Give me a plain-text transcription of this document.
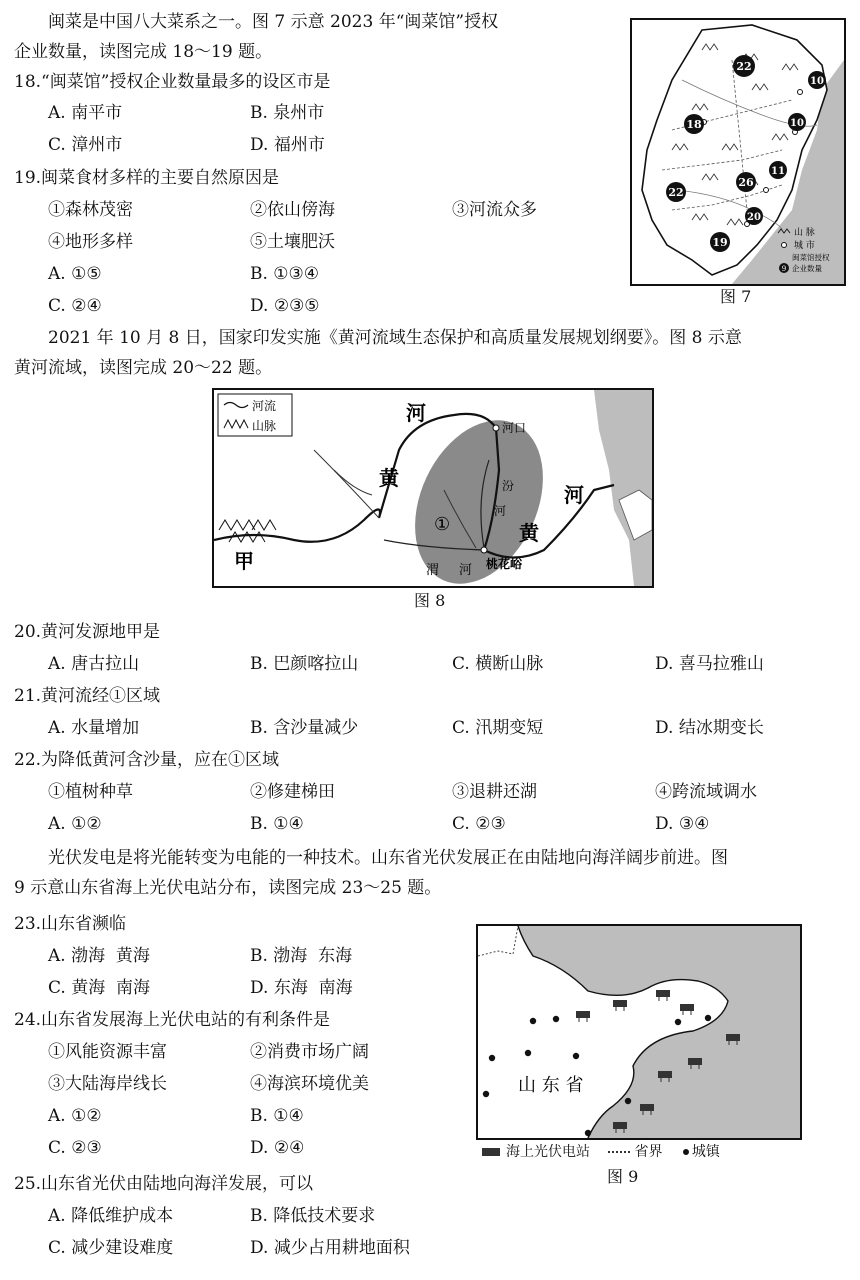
闽菜是中国八大菜系之一。图 7 示意 2023 年“闽菜馆”授权
企业数量，读图完成 18～19 题。
18.“闽菜馆”授权企业数量最多的设区市是
A. 南平市	B. 泉州市
C. 漳州市	D. 福州市
19.闽菜食材多样的主要自然原因是
①森林茂密	②依山傍海	③河流众多
④地形多样	⑤土壤肥沃
A. ①⑤	B. ①③④
C. ②④	D. ②③⑤
22
10
10
18
11
26
22
20
19
山 脉
城 市
闽菜馆授权
9 企业数量
图 7
2021 年 10 月 8 日，国家印发实施《黄河流域生态保护和高质量发展规划纲要》。图 8 示意
黄河流域，读图完成 20～22 题。
河流
山脉
河
黄
河口
汾
河
①	黄
河
渭 河 桃花峪
甲
图 8
20.黄河发源地甲是
A. 唐古拉山	B. 巴颜喀拉山	C. 横断山脉	D. 喜马拉雅山
21.黄河流经①区域
A. 水量增加	B. 含沙量减少	C. 汛期变短	D. 结冰期变长
22.为降低黄河含沙量，应在①区域
①植树种草	②修建梯田	③退耕还湖	④跨流域调水
A. ①②	B. ①④	C. ②③	D. ③④
光伏发电是将光能转变为电能的一种技术。山东省光伏发展正在由陆地向海洋阔步前进。图
9 示意山东省海上光伏电站分布，读图完成 23～25 题。
23.山东省濒临
A. 渤海  黄海	B. 渤海  东海
C. 黄海  南海	D. 东海  南海
24.山东省发展海上光伏电站的有利条件是
①风能资源丰富	②消费市场广阔
③大陆海岸线长	④海滨环境优美
A. ①②	B. ①④
C. ②③	D. ②④
25.山东省光伏由陆地向海洋发展，可以
A. 降低维护成本	B. 降低技术要求
C. 减少建设难度	D. 减少占用耕地面积
山 东 省
海上光伏电站	省界 城镇
图 9
